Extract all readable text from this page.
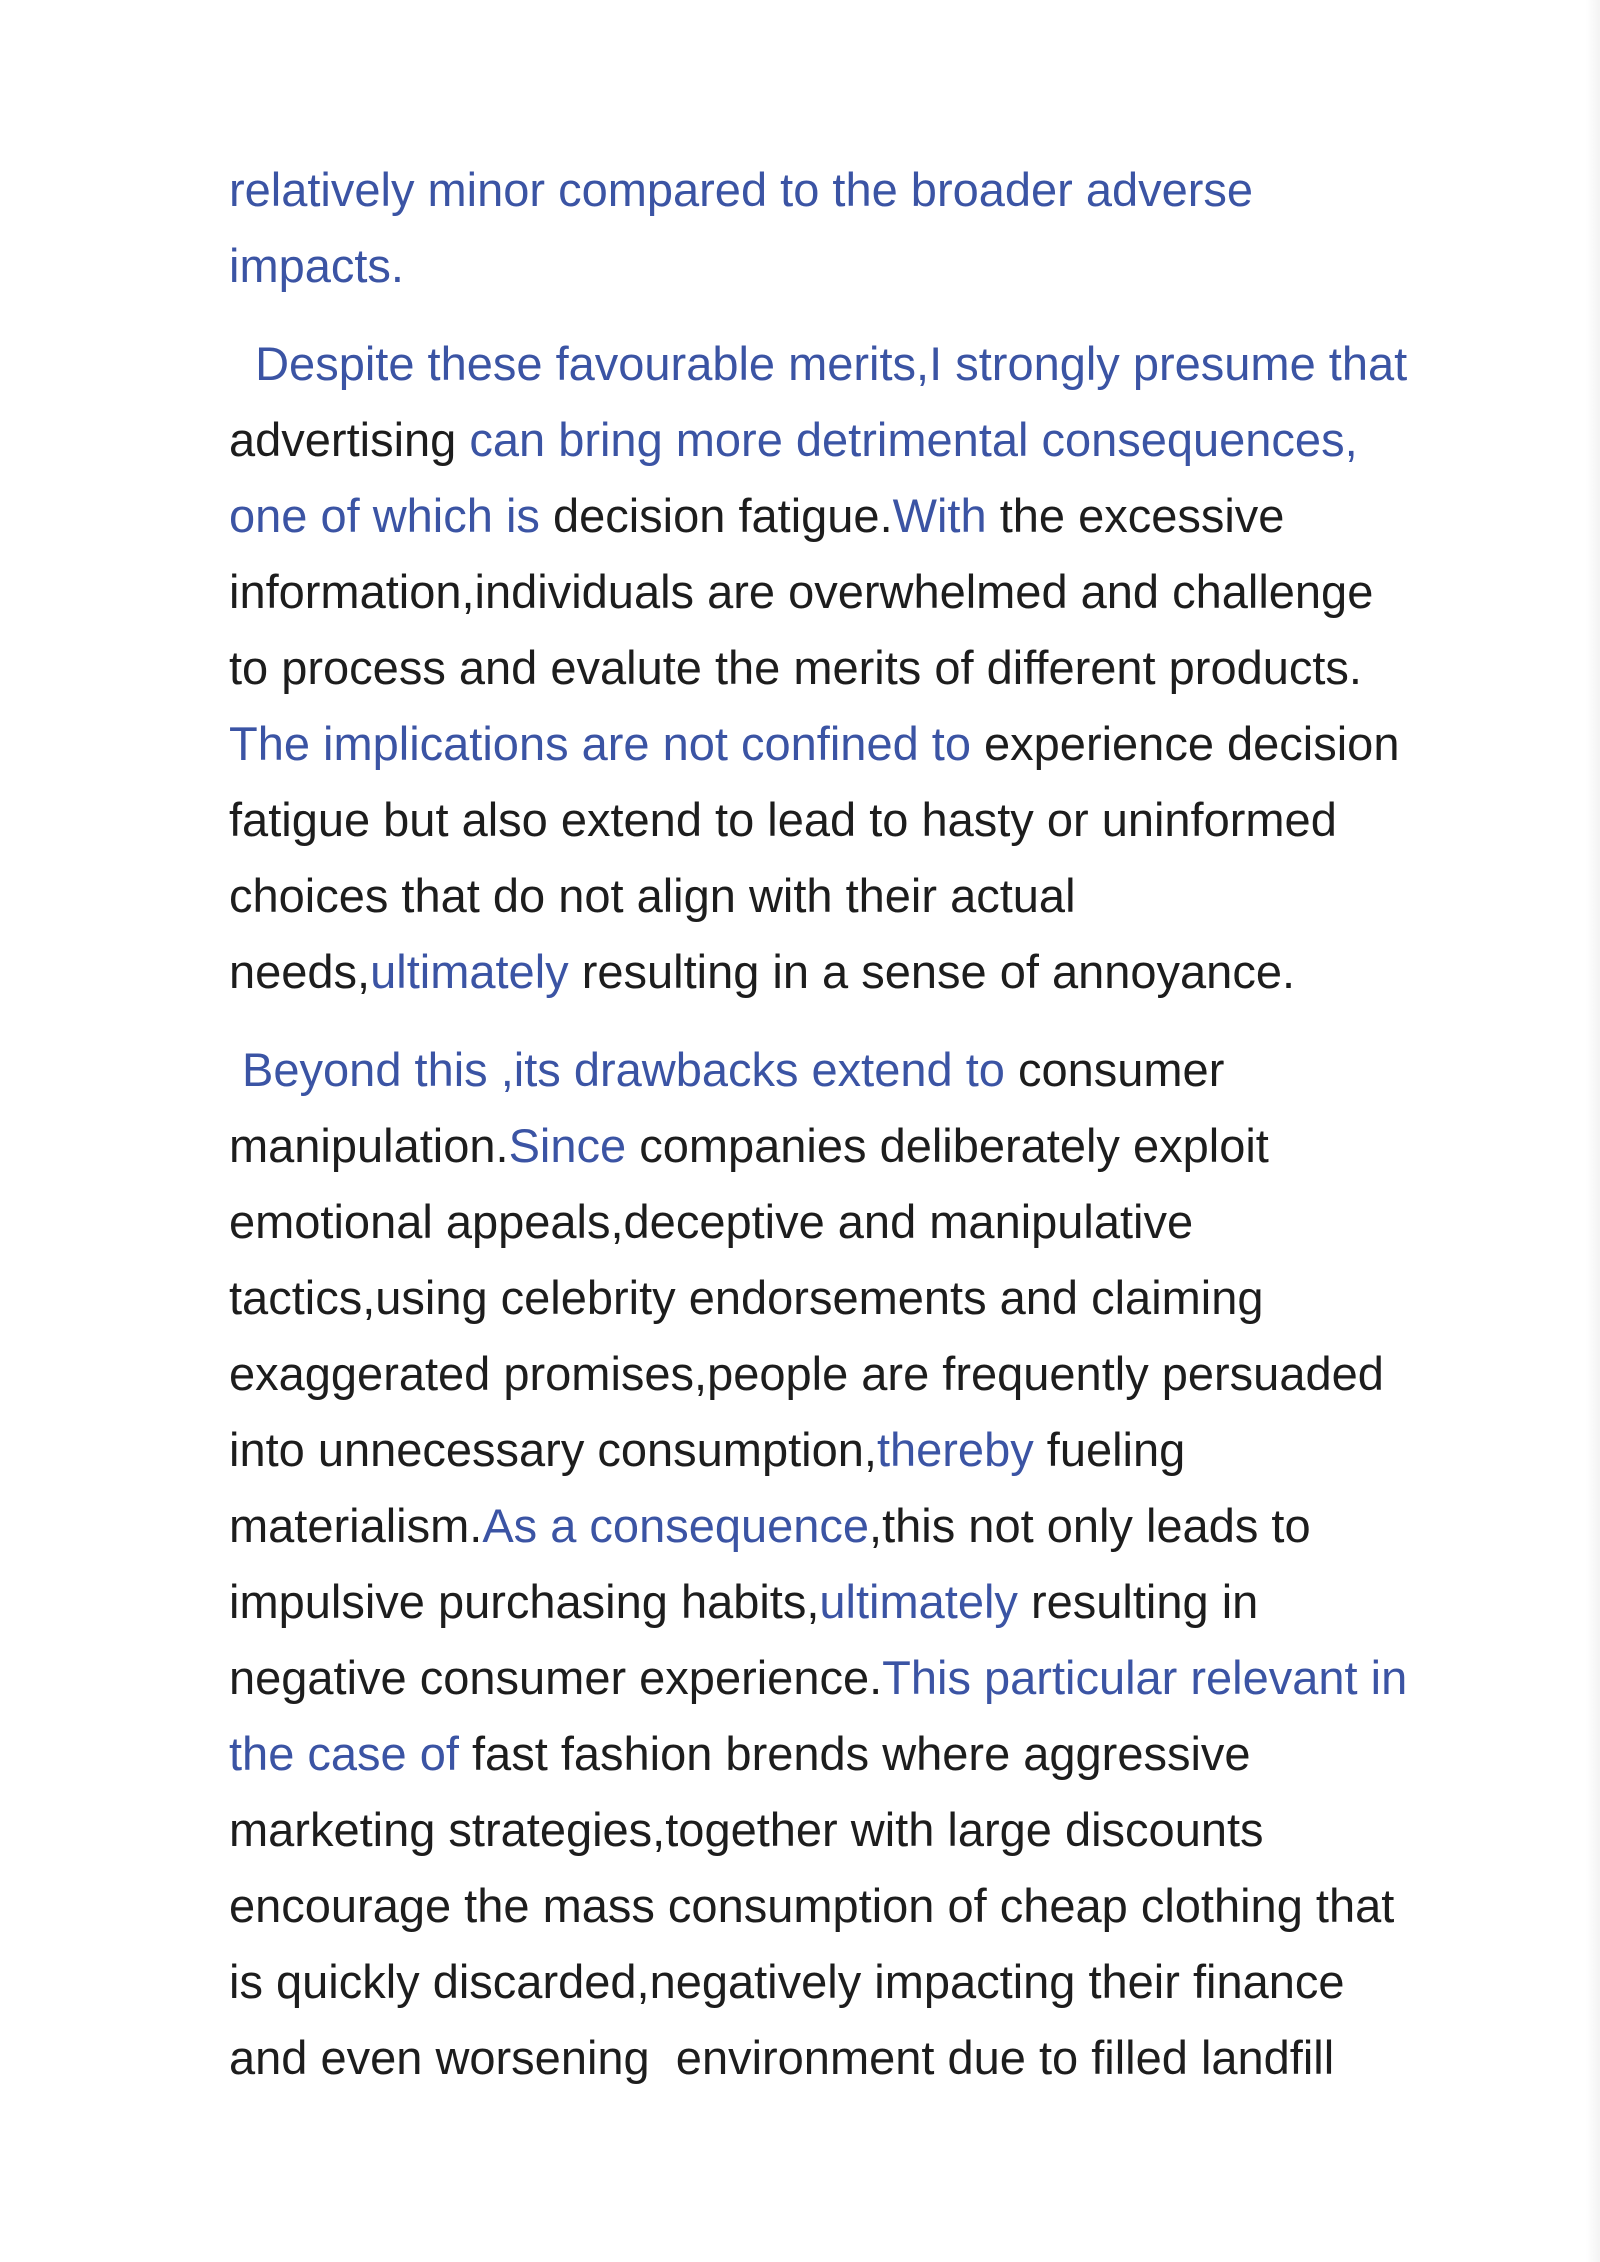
relatively minor compared to the broader adverse
impacts.
Despite these favourable merits,I strongly presume that
advertising can bring more detrimental consequences,
one of which is decision fatigue.With the excessive
information,individuals are overwhelmed and challenge
to process and evalute the merits of different products.
The implications are not confined to experience decision
fatigue but also extend to lead to hasty or uninformed
choices that do not align with their actual
needs,ultimately resulting in a sense of annoyance.
Beyond this ,its drawbacks extend to consumer
manipulation.Since companies deliberately exploit
emotional appeals,deceptive and manipulative
tactics,using celebrity endorsements and claiming
exaggerated promises,people are frequently persuaded
into unnecessary consumption,thereby fueling
materialism.As a consequence,this not only leads to
impulsive purchasing habits,ultimately resulting in
negative consumer experience.This particular relevant in
the case of fast fashion brends where aggressive
marketing strategies,together with large discounts
encourage the mass consumption of cheap clothing that
is quickly discarded,negatively impacting their finance
and even worsening  environment due to filled landfill
